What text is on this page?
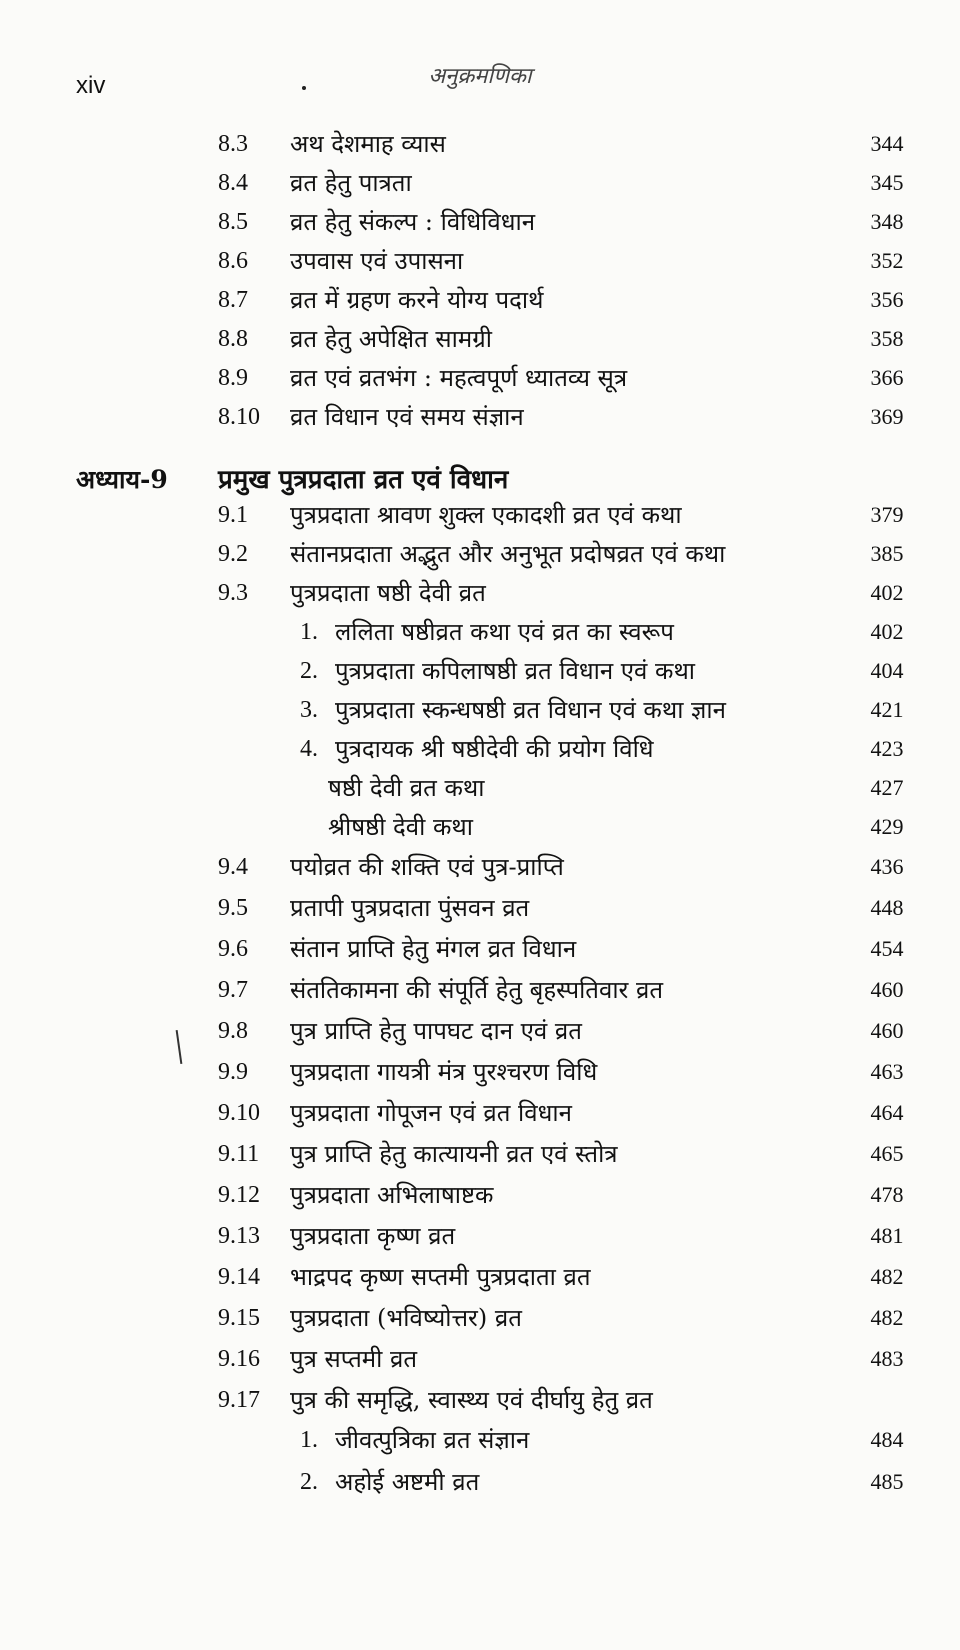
xiv	अनुक्रमणिका
8.3 अथ देशमाह व्यास	344
8.4 व्रत हेतु पात्रता	345
8.5 व्रत हेतु संकल्प : विधिविधान	348
8.6 उपवास एवं उपासना	352
8.7 व्रत में ग्रहण करने योग्य पदार्थ	356
8.8 व्रत हेतु अपेक्षित सामग्री	358
8.9 व्रत एवं व्रतभंग : महत्वपूर्ण ध्यातव्य सूत्र	366
8.10 व्रत विधान एवं समय संज्ञान	369
अध्याय-9 प्रमुख पुत्रप्रदाता व्रत एवं विधान
9.1 पुत्रप्रदाता श्रावण शुक्ल एकादशी व्रत एवं कथा	379
9.2 संतानप्रदाता अद्भुत और अनुभूत प्रदोषव्रत एवं कथा	385
9.3 पुत्रप्रदाता षष्ठी देवी व्रत	402
1. ललिता षष्ठीव्रत कथा एवं व्रत का स्वरूप	402
2. पुत्रप्रदाता कपिलाषष्ठी व्रत विधान एवं कथा	404
3. पुत्रप्रदाता स्कन्धषष्ठी व्रत विधान एवं कथा ज्ञान	421
4. पुत्रदायक श्री षष्ठीदेवी की प्रयोग विधि	423
षष्ठी देवी व्रत कथा	427
श्रीषष्ठी देवी कथा	429
9.4 पयोव्रत की शक्ति एवं पुत्र-प्राप्ति	436
9.5 प्रतापी पुत्रप्रदाता पुंसवन व्रत	448
9.6 संतान प्राप्ति हेतु मंगल व्रत विधान	454
9.7 संततिकामना की संपूर्ति हेतु बृहस्पतिवार व्रत	460
9.8 पुत्र प्राप्ति हेतु पापघट दान एवं व्रत	460
9.9 पुत्रप्रदाता गायत्री मंत्र पुरश्चरण विधि	463
9.10 पुत्रप्रदाता गोपूजन एवं व्रत विधान	464
9.11 पुत्र प्राप्ति हेतु कात्यायनी व्रत एवं स्तोत्र	465
9.12 पुत्रप्रदाता अभिलाषाष्टक	478
9.13 पुत्रप्रदाता कृष्ण व्रत	481
9.14 भाद्रपद कृष्ण सप्तमी पुत्रप्रदाता व्रत	482
9.15 पुत्रप्रदाता (भविष्योत्तर) व्रत	482
9.16 पुत्र सप्तमी व्रत	483
9.17 पुत्र की समृद्धि, स्वास्थ्य एवं दीर्घायु हेतु व्रत
1. जीवत्पुत्रिका व्रत संज्ञान	484
2. अहोई अष्टमी व्रत	485
